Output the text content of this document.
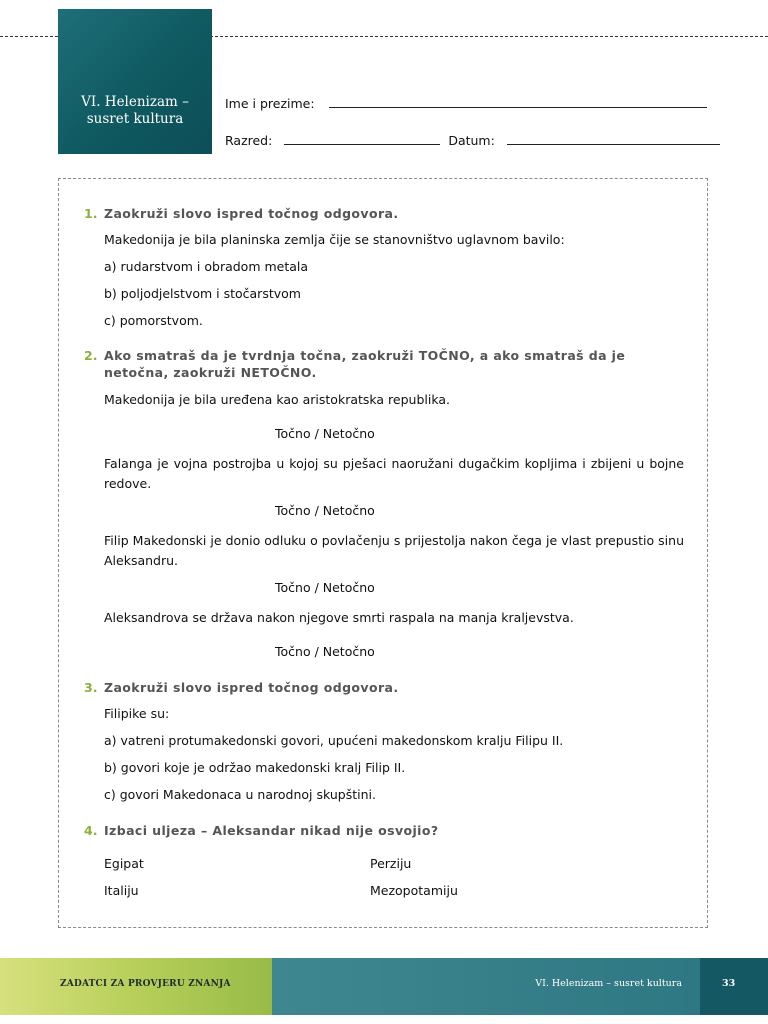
VI. Helenizam – susret kultura
Ime i prezime:
Razred:	Datum:
1. Zaokruži slovo ispred točnog odgovora.
Makedonija je bila planinska zemlja čije se stanovništvo uglavnom bavilo:
a) rudarstvom i obradom metala
b) poljodjelstvom i stočarstvom
c) pomorstvom.
2. Ako smatraš da je tvrdnja točna, zaokruži TOČNO, a ako smatraš da je netočna, zaokruži NETOČNO.
Makedonija je bila uređena kao aristokratska republika.
Točno / Netočno
Falanga je vojna postrojba u kojoj su pješaci naoružani dugačkim kopljima i zbijeni u bojne redove.
Točno / Netočno
Filip Makedonski je donio odluku o povlačenju s prijestolja nakon čega je vlast prepustio sinu Aleksandru.
Točno / Netočno
Aleksandrova se država nakon njegove smrti raspala na manja kraljevstva.
Točno / Netočno
3. Zaokruži slovo ispred točnog odgovora.
Filipike su:
a) vatreni protumakedonski govori, upućeni makedonskom kralju Filipu II.
b) govori koje je održao makedonski kralj Filip II.
c) govori Makedonaca u narodnoj skupštini.
4. Izbaci uljeza – Aleksandar nikad nije osvojio?
Egipat	Perziju
Italiju	Mezopotamiju
ZADATCI ZA PROVJERU ZNANJA	VI. Helenizam – susret kultura	33
